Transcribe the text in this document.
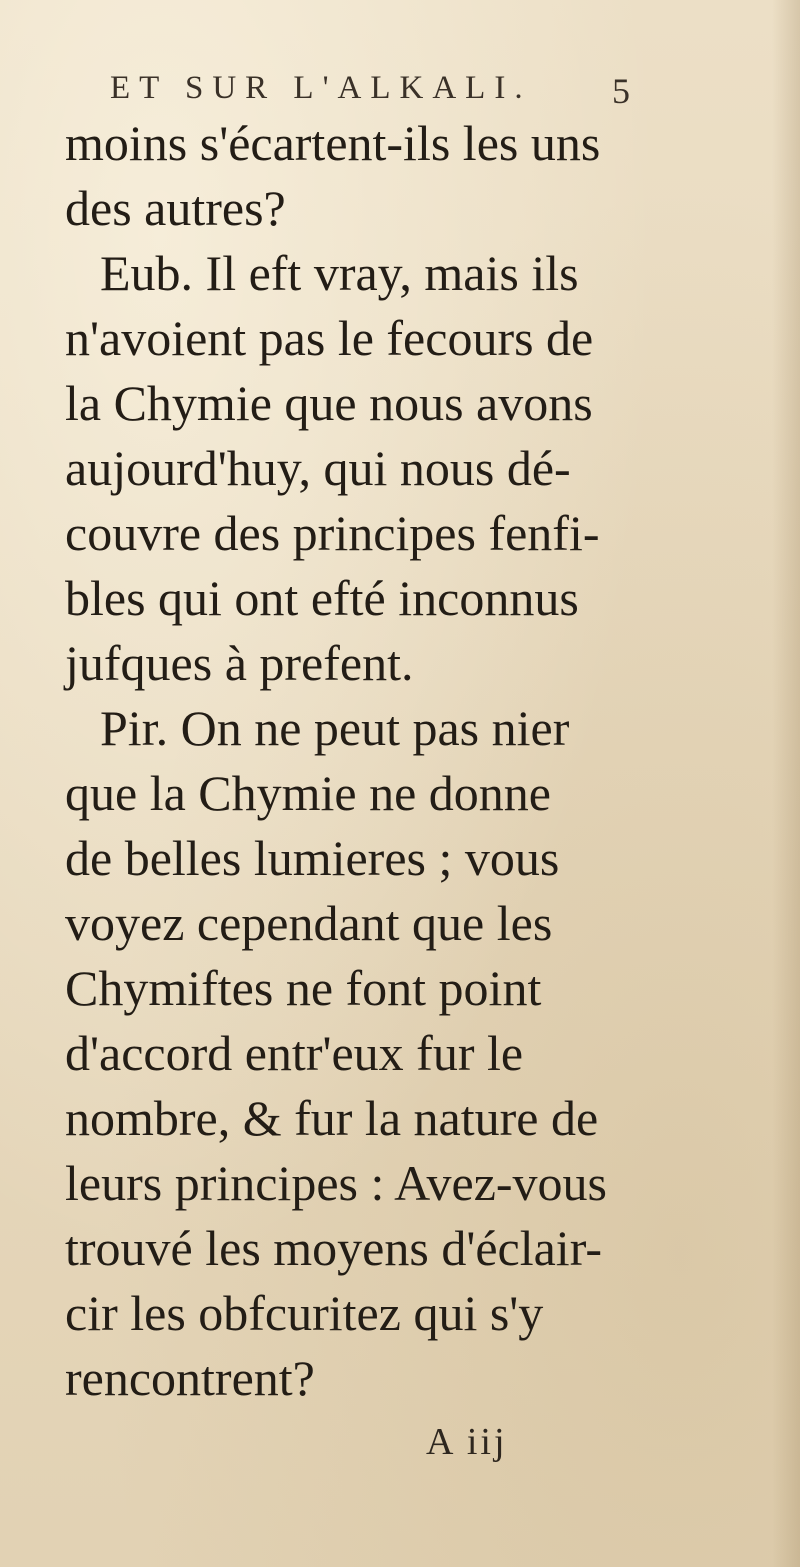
ET SUR L'ALKALI. 5
moins s'écartent-ils les uns
des autres?
Eub. Il eft vray, mais ils
n'avoient pas le fecours de
la Chymie que nous avons
aujourd'huy, qui nous dé-
couvre des principes fenfi-
bles qui ont efté inconnus
jufques à prefent.
Pir. On ne peut pas nier
que la Chymie ne donne
de belles lumieres ; vous
voyez cependant que les
Chymiftes ne font point
d'accord entr'eux fur le
nombre, & fur la nature de
leurs principes : Avez-vous
trouvé les moyens d'éclair-
cir les obfcuritez qui s'y
rencontrent?
A iij
